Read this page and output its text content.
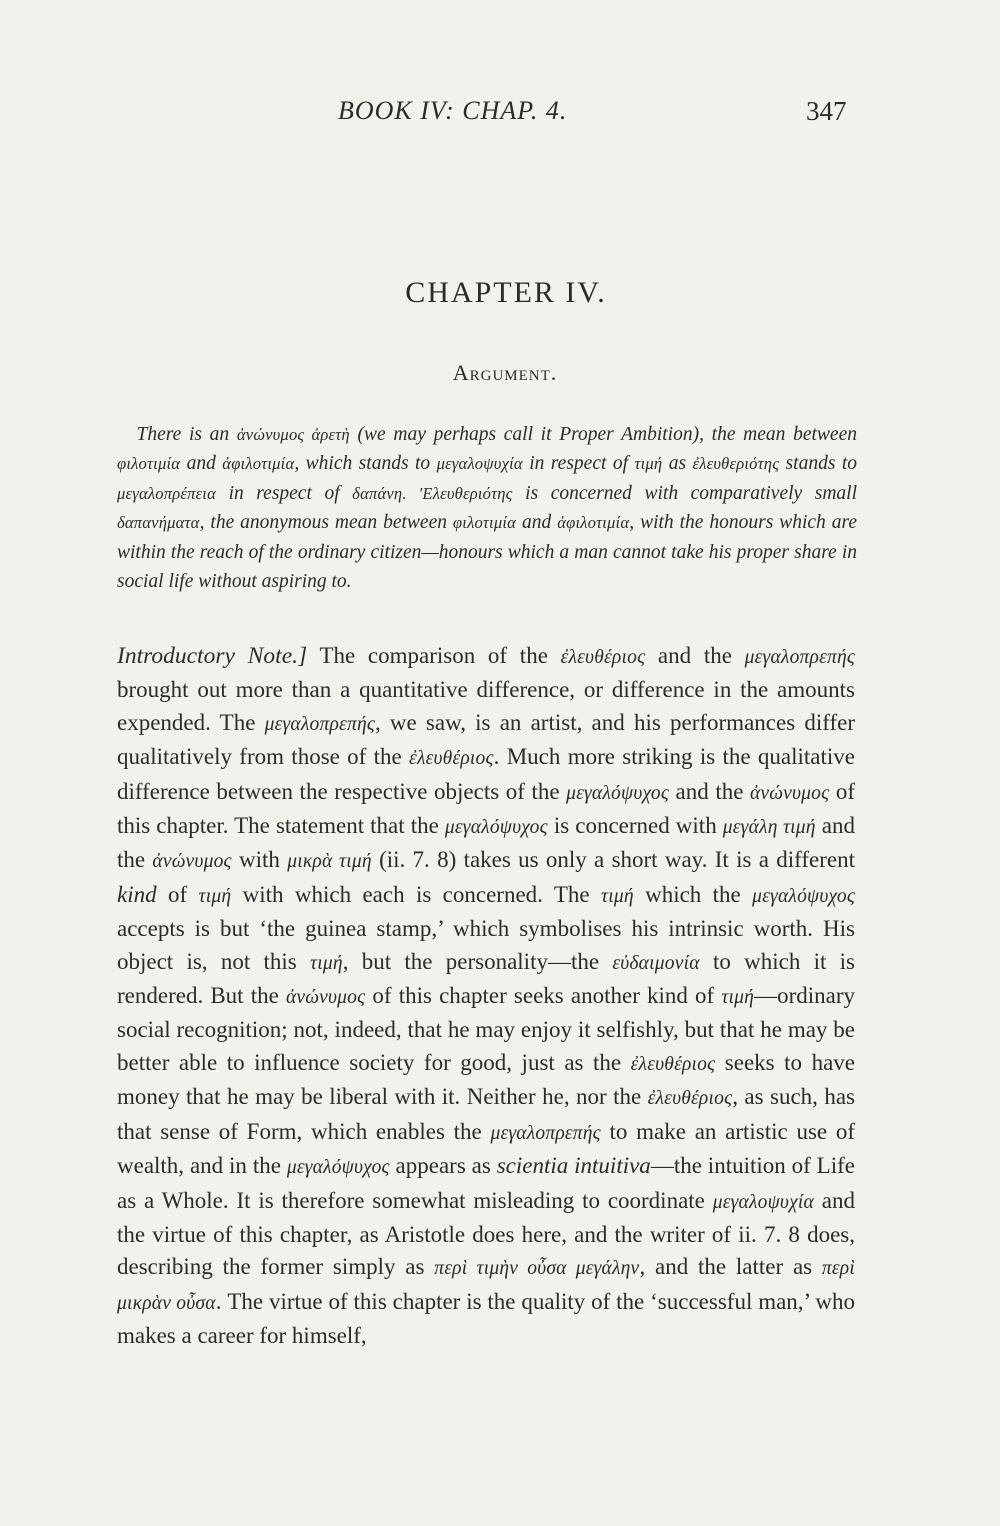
BOOK IV: CHAP. 4.	347
CHAPTER IV.
Argument.
There is an ἀνώνυμος ἀρετὴ (we may perhaps call it Proper Ambition), the mean between φιλοτιμία and ἀφιλοτιμία, which stands to μεγαλοψυχία in respect of τιμή as ἐλευθεριότης stands to μεγαλοπρέπεια in respect of δαπάνη. 'Ελευθεριότης is concerned with comparatively small δαπανήματα, the anonymous mean between φιλοτιμία and ἀφιλοτιμία, with the honours which are within the reach of the ordinary citizen—honours which a man cannot take his proper share in social life without aspiring to.
Introductory Note.] The comparison of the ἐλευθέριος and the μεγαλοπρεπής brought out more than a quantitative difference, or difference in the amounts expended. The μεγαλοπρεπής, we saw, is an artist, and his performances differ qualitatively from those of the ἐλευθέριος. Much more striking is the qualitative difference between the respective objects of the μεγαλόψυχος and the ἀνώνυμος of this chapter. The statement that the μεγαλόψυχος is concerned with μεγάλη τιμή and the ἀνώνυμος with μικρὰ τιμή (ii. 7. 8) takes us only a short way. It is a different kind of τιμή with which each is concerned. The τιμή which the μεγαλόψυχος accepts is but ‘the guinea stamp,’ which symbolises his intrinsic worth. His object is, not this τιμή, but the personality—the εὐδαιμονία to which it is rendered. But the ἀνώνυμος of this chapter seeks another kind of τιμή—ordinary social recognition; not, indeed, that he may enjoy it selfishly, but that he may be better able to influence society for good, just as the ἐλευθέριος seeks to have money that he may be liberal with it. Neither he, nor the ἐλευθέριος, as such, has that sense of Form, which enables the μεγαλοπρεπής to make an artistic use of wealth, and in the μεγαλόψυχος appears as scientia intuitiva—the intuition of Life as a Whole. It is therefore somewhat misleading to coordinate μεγαλοψυχία and the virtue of this chapter, as Aristotle does here, and the writer of ii. 7. 8 does, describing the former simply as περὶ τιμὴν οὖσα μεγάλην, and the latter as περὶ μικρὰν οὖσα. The virtue of this chapter is the quality of the ‘successful man,’ who makes a career for himself,
